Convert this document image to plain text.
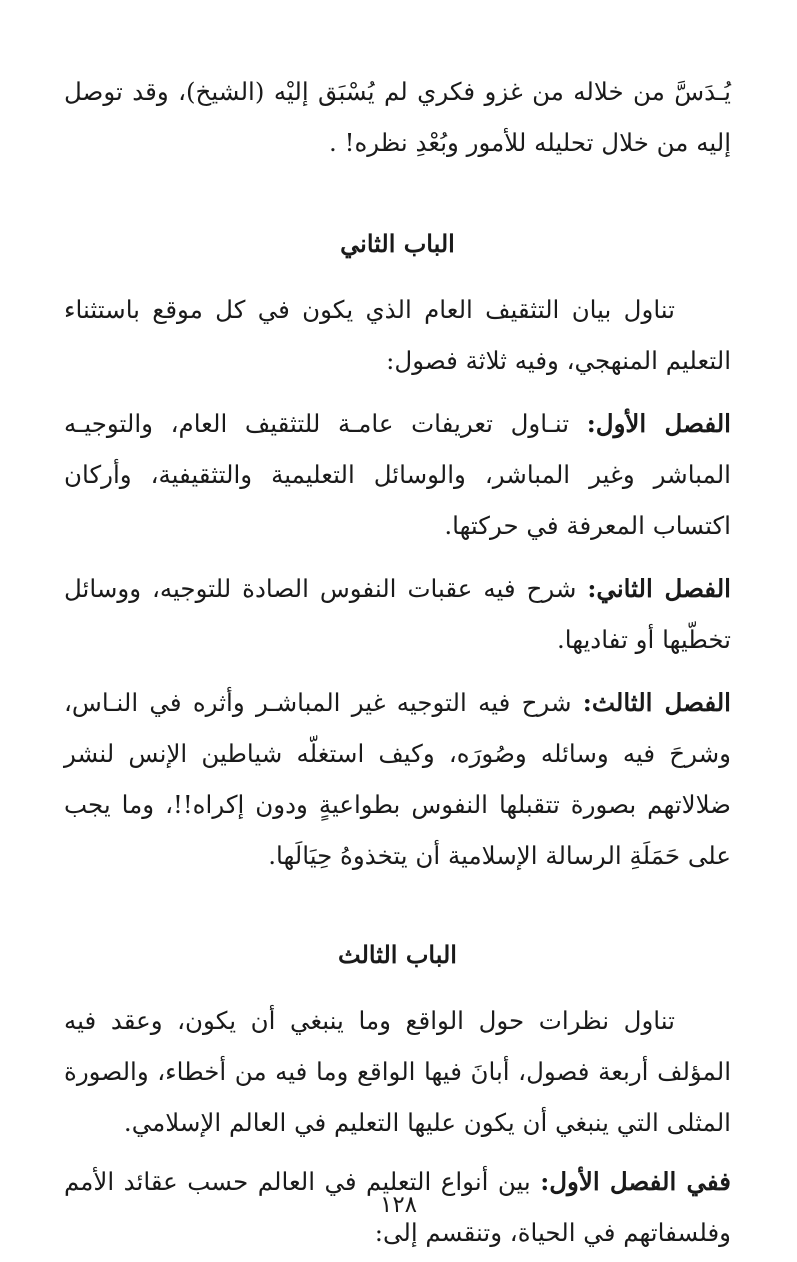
يُـدَسَّ من خلاله من غزو فكري لم يُسْبَق إليْه (الشيخ)، وقد توصل إليه من خلال تحليله للأمور وبُعْدِ نظره! .

الباب الثاني

تناول بيان التثقيف العام الذي يكون في كل موقع باستثناء التعليم المنهجي، وفيه ثلاثة فصول:

الفصل الأول: تنـاول تعريفات عامـة للتثقيف العام، والتوجيـه المباشر وغير المباشر، والوسائل التعليمية والتثقيفية، وأركان اكتساب المعرفة في حركتها.

الفصل الثاني: شرح فيه عقبات النفوس الصادة للتوجيه، ووسائل تخطّيها أو تفاديها.

الفصل الثالث: شرح فيه التوجيه غير المباشـر وأثره في النـاس، وشرحَ فيه وسائله وصُورَه، وكيف استغلّه شياطين الإنس لنشر ضلالاتهم بصورة تتقبلها النفوس بطواعيةٍ ودون إكراه!!، وما يجب على حَمَلَةِ الرسالة الإسلامية أن يتخذوهُ حِيَالَها.

الباب الثالث

تناول نظرات حول الواقع وما ينبغي أن يكون، وعقد فيه المؤلف أربعة فصول، أبانَ فيها الواقع وما فيه من أخطاء، والصورة المثلى التي ينبغي أن يكون عليها التعليم في العالم الإسلامي.

ففي الفصل الأول: بين أنواع التعليم في العالم حسب عقائد الأمم وفلسفاتهم في الحياة، وتنقسم إلى:

١٢٨
